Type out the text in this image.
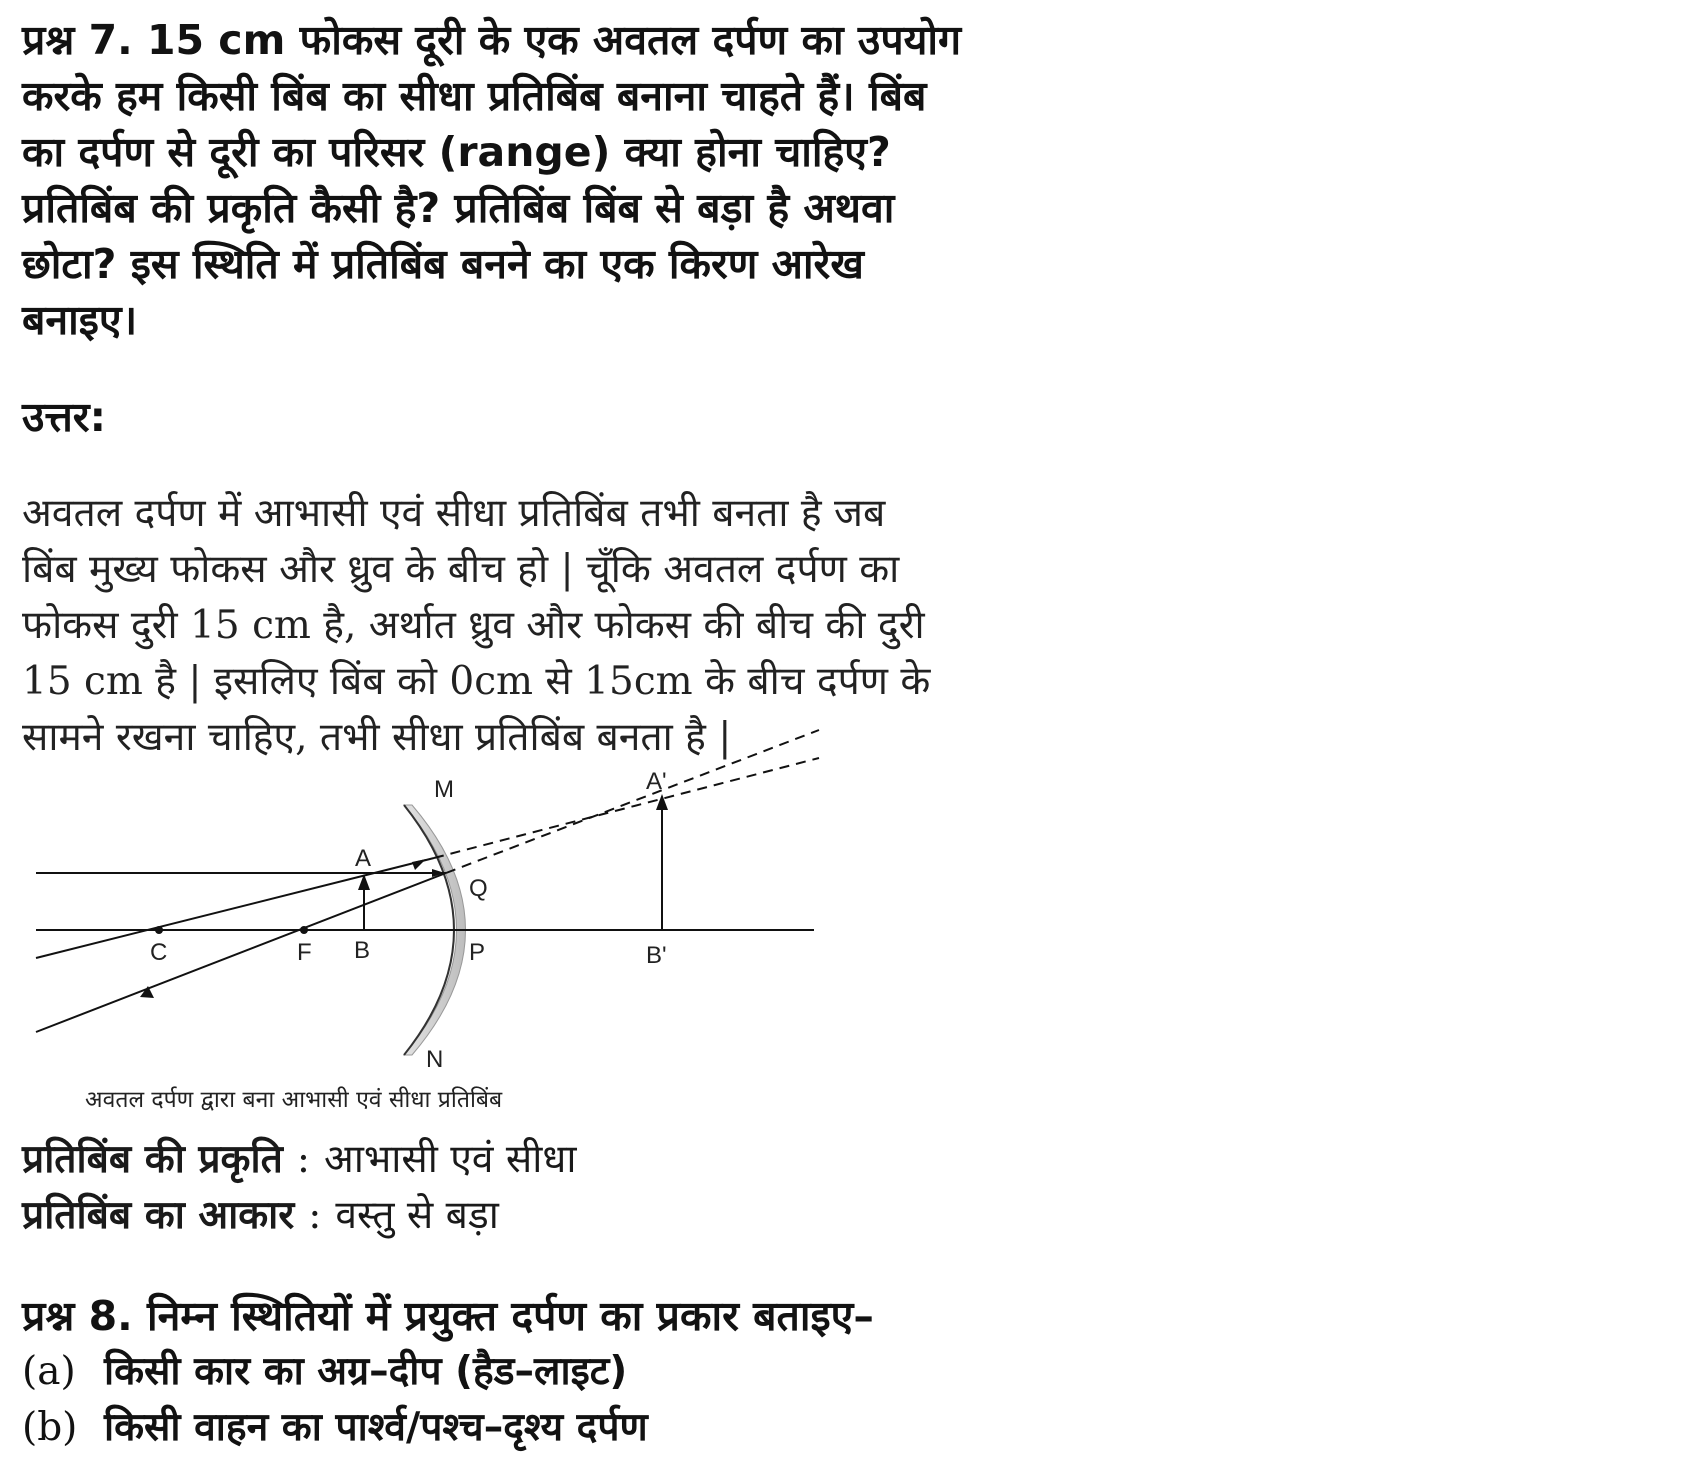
प्रश्न 7. 15 cm फोकस दूरी के एक अवतल दर्पण का उपयोग

करके हम किसी बिंब का सीधा प्रतिबिंब बनाना चाहते हैं। बिंब

का दर्पण से दूरी का परिसर (range) क्या होना चाहिए?

प्रतिबिंब की प्रकृति कैसी है? प्रतिबिंब बिंब से बड़ा है अथवा

छोटा? इस स्थिति में प्रतिबिंब बनने का एक किरण आरेख

बनाइए।

उत्तर:

अवतल दर्पण में आभासी एवं सीधा प्रतिबिंब तभी बनता है जब

बिंब मुख्य फोकस और ध्रुव के बीच हो | चूँकि अवतल दर्पण का

फोकस दुरी 15 cm है, अर्थात ध्रुव और फोकस की बीच की दुरी

15 cm है | इसलिए बिंब को 0cm से 15cm के बीच दर्पण के

सामने रखना चाहिए, तभी सीधा प्रतिबिंब बनता है |

M
N
A
B
C	F	P
Q
A'
B'
अवतल दर्पण द्वारा बना आभासी एवं सीधा प्रतिबिंब

प्रतिबिंब की प्रकृति : आभासी एवं सीधा

प्रतिबिंब का आकार : वस्तु से बड़ा

प्रश्न 8. निम्न स्थितियों में प्रयुक्त दर्पण का प्रकार बताइए–

(a) किसी कार का अग्र–दीप (हैड–लाइट)

(b) किसी वाहन का पार्श्व/पश्च–दृश्य दर्पण
